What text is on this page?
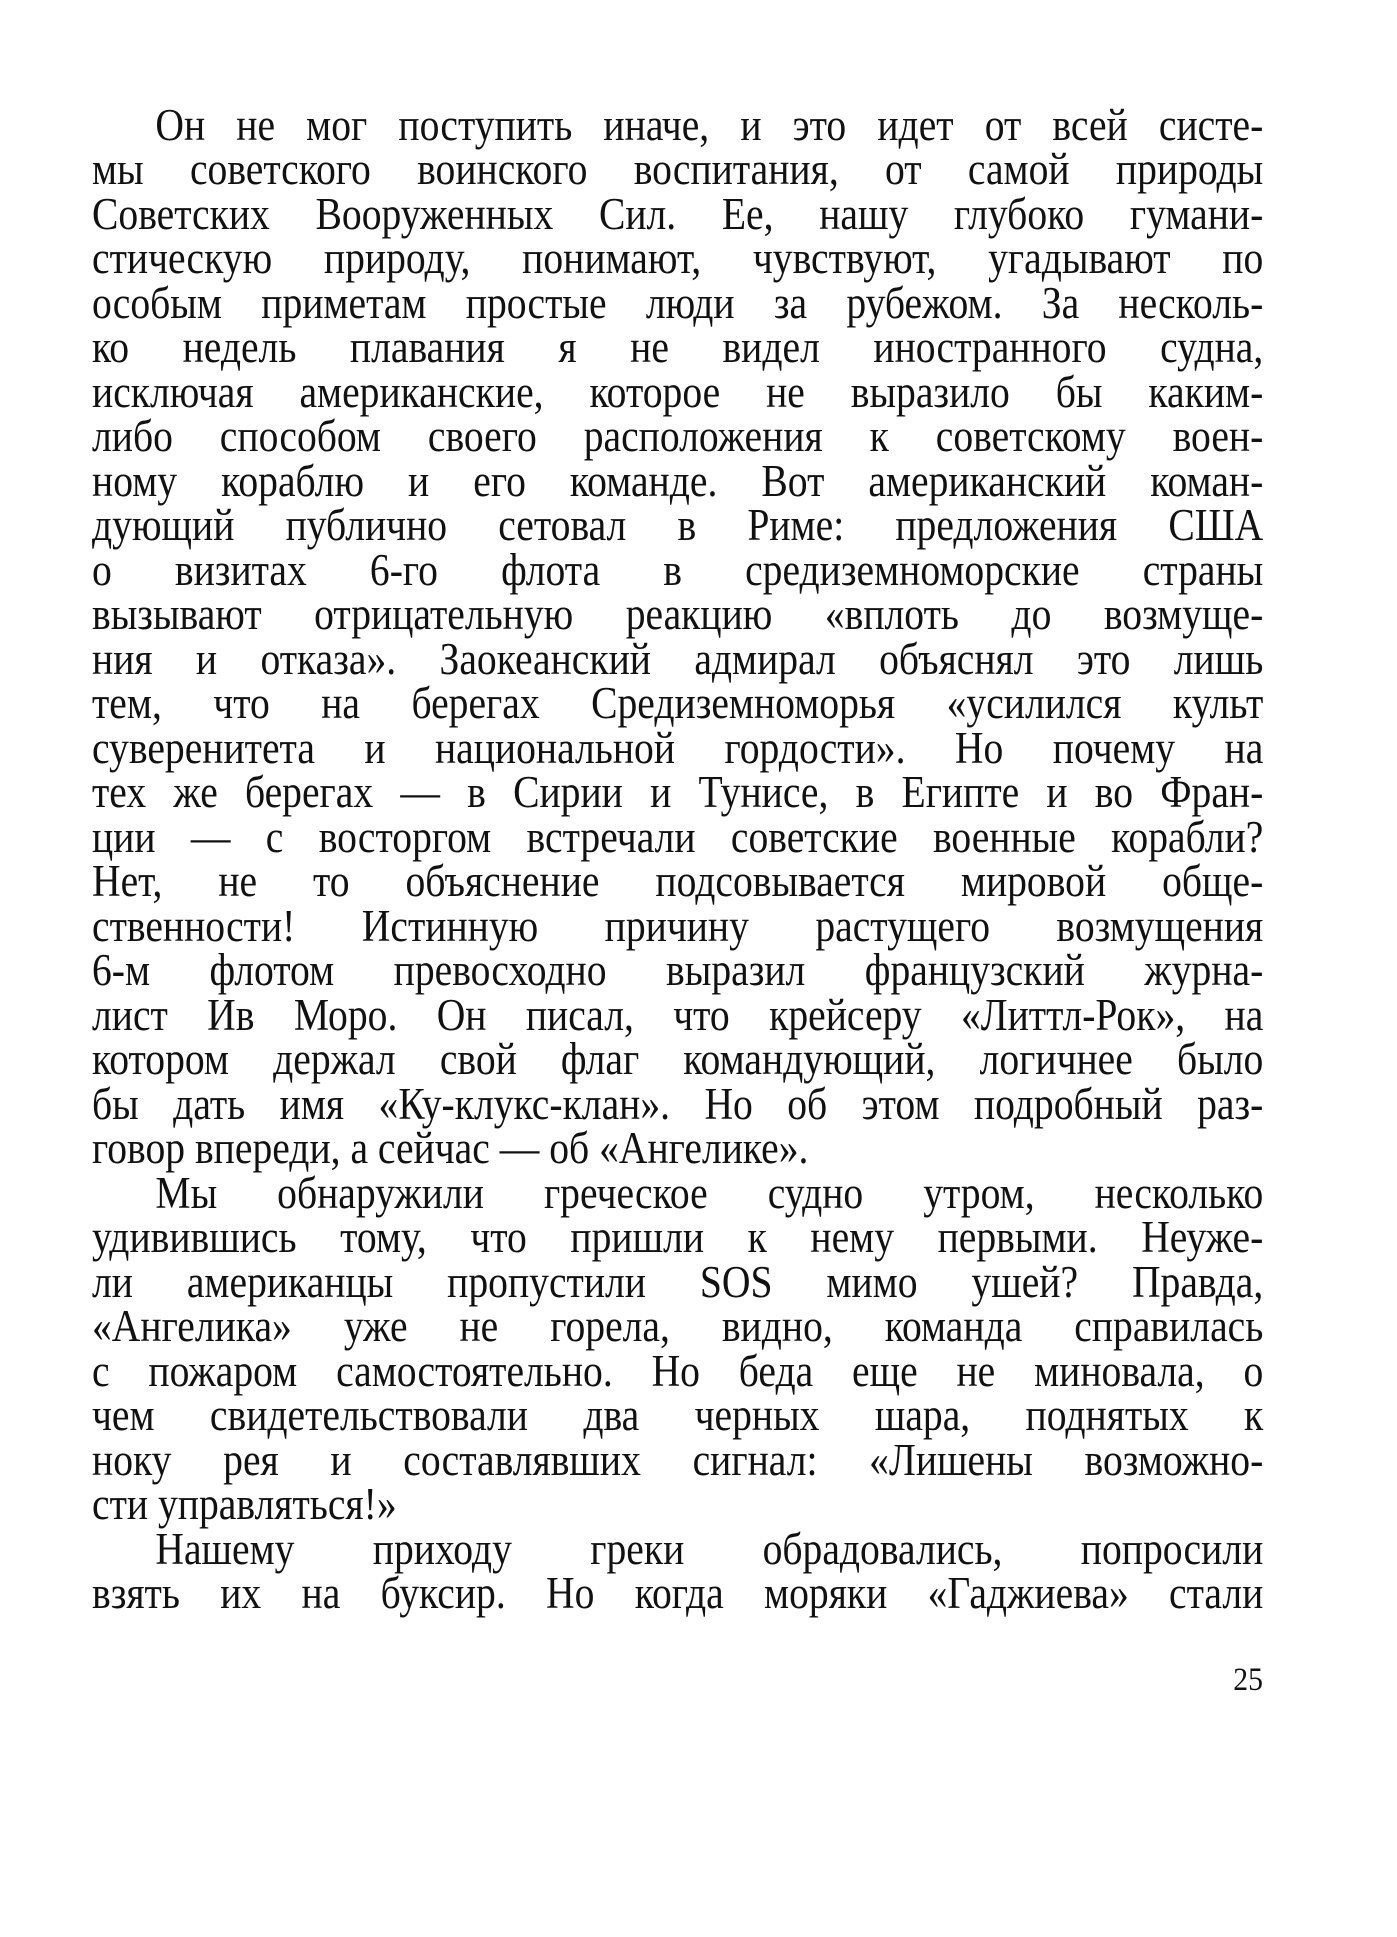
Он не мог поступить иначе, и это идет от всей систе-
мы советского воинского воспитания, от самой природы
Советских Вооруженных Сил. Ее, нашу глубоко гумани-
стическую природу, понимают, чувствуют, угадывают по
особым приметам простые люди за рубежом. За несколь-
ко недель плавания я не видел иностранного судна,
исключая американские, которое не выразило бы каким-
либо способом своего расположения к советскому воен-
ному кораблю и его команде. Вот американский коман-
дующий публично сетовал в Риме: предложения США
о визитах 6-го флота в средиземноморские страны
вызывают отрицательную реакцию «вплоть до возмуще-
ния и отказа». Заокеанский адмирал объяснял это лишь
тем, что на берегах Средиземноморья «усилился культ
суверенитета и национальной гордости». Но почему на
тех же берегах — в Сирии и Тунисе, в Египте и во Фран-
ции — с восторгом встречали советские военные корабли?
Нет, не то объяснение подсовывается мировой обще-
ственности! Истинную причину растущего возмущения
6-м флотом превосходно выразил французский журна-
лист Ив Моро. Он писал, что крейсеру «Литтл-Рок», на
котором держал свой флаг командующий, логичнее было
бы дать имя «Ку-клукс-клан». Но об этом подробный раз-
говор впереди, а сейчас — об «Ангелике».
Мы обнаружили греческое судно утром, несколько
удивившись тому, что пришли к нему первыми. Неуже-
ли американцы пропустили SOS мимо ушей? Правда,
«Ангелика» уже не горела, видно, команда справилась
с пожаром самостоятельно. Но беда еще не миновала, о
чем свидетельствовали два черных шара, поднятых к
ноку рея и составлявших сигнал: «Лишены возможно-
сти управляться!»
Нашему приходу греки обрадовались, попросили
взять их на буксир. Но когда моряки «Гаджиева» стали
25
